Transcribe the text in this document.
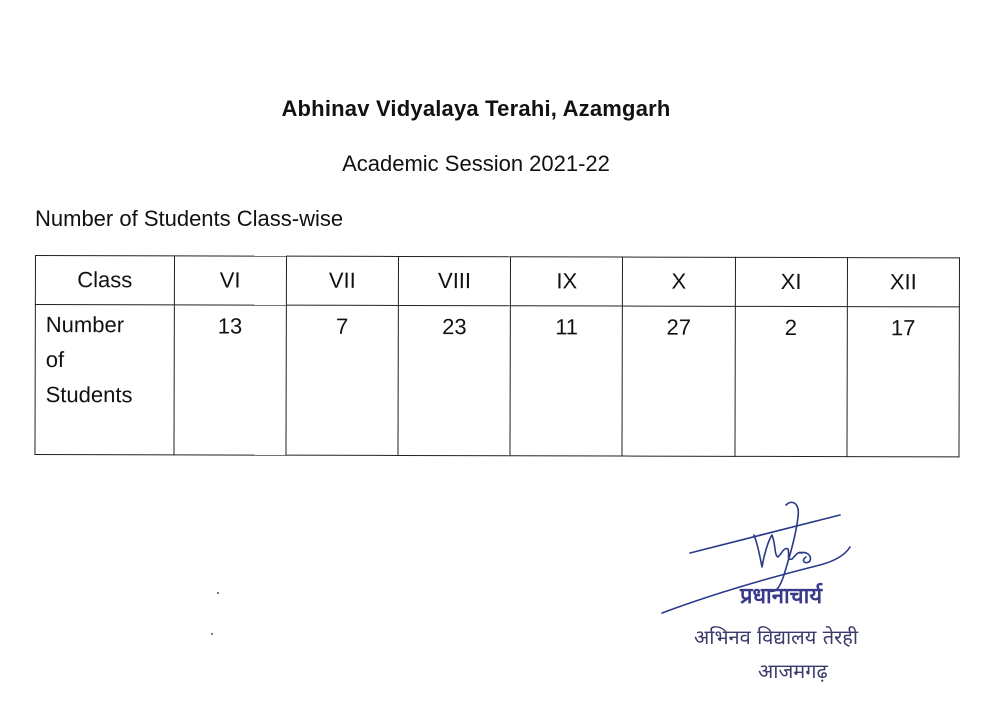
Abhinav Vidyalaya Terahi, Azamgarh
Academic Session 2021-22
Number of Students Class-wise
Class	VI	VII	VIII	IX	X	XI	XII

Number
of
Students	13	7	23	11	27	2	17
प्रधानाचार्य
अभिनव विद्यालय तेरही
आजमगढ़
